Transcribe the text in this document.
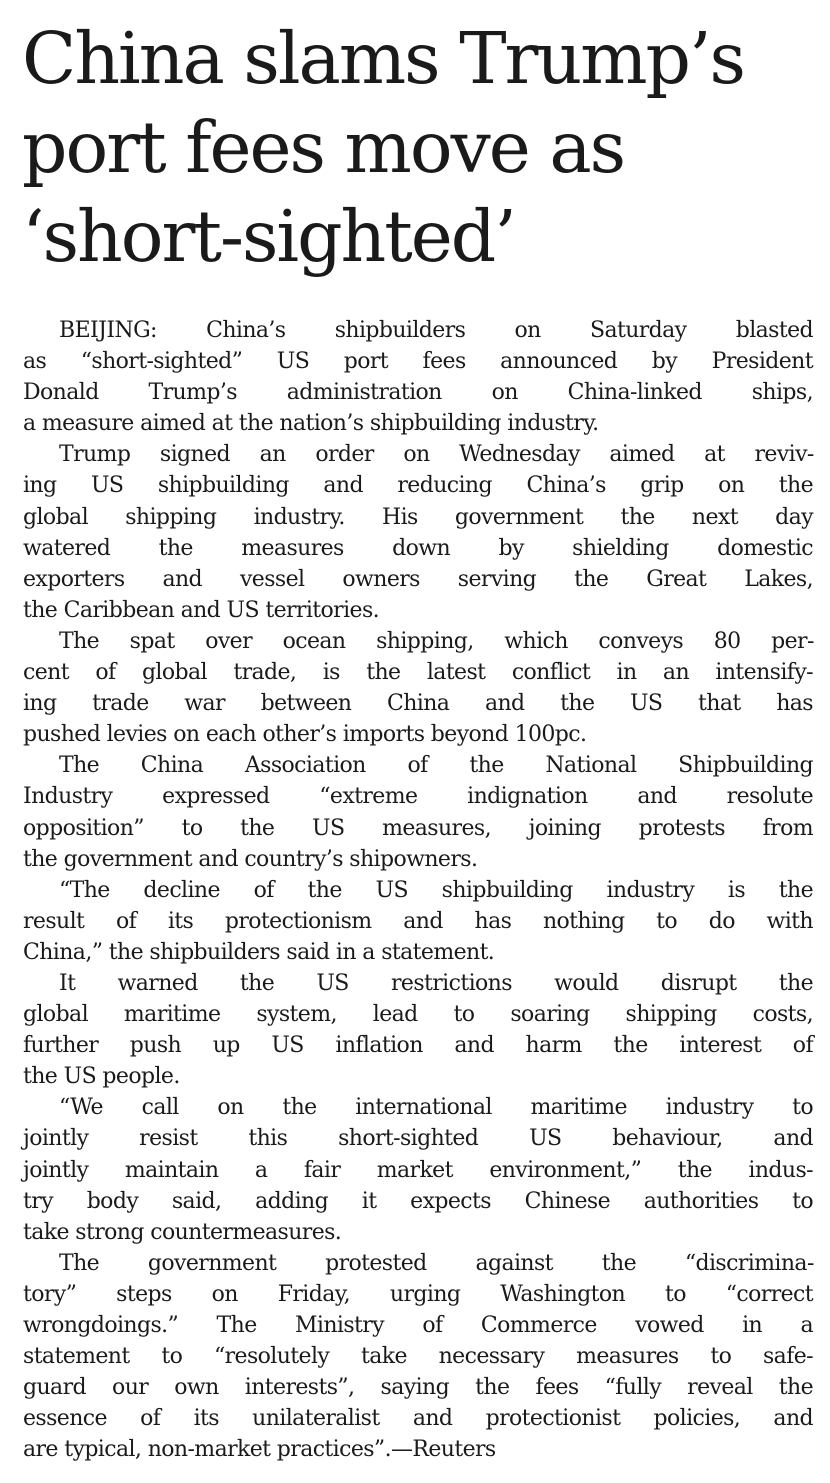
China slams Trump’s
port fees move as
‘short-sighted’
BEIJING: China’s shipbuilders on Saturday blasted
as “short-sighted” US port fees announced by President
Donald Trump’s administration on China-linked ships,
a measure aimed at the nation’s shipbuilding industry.
Trump signed an order on Wednesday aimed at reviv-
ing US shipbuilding and reducing China’s grip on the
global shipping industry. His government the next day
watered the measures down by shielding domestic
exporters and vessel owners serving the Great Lakes,
the Caribbean and US territories.
The spat over ocean shipping, which conveys 80 per-
cent of global trade, is the latest conflict in an intensify-
ing trade war between China and the US that has
pushed levies on each other’s imports beyond 100pc.
The China Association of the National Shipbuilding
Industry expressed “extreme indignation and resolute
opposition” to the US measures, joining protests from
the government and country’s shipowners.
“The decline of the US shipbuilding industry is the
result of its protectionism and has nothing to do with
China,” the shipbuilders said in a statement.
It warned the US restrictions would disrupt the
global maritime system, lead to soaring shipping costs,
further push up US inflation and harm the interest of
the US people.
“We call on the international maritime industry to
jointly resist this short-sighted US behaviour, and
jointly maintain a fair market environment,” the indus-
try body said, adding it expects Chinese authorities to
take strong countermeasures.
The government protested against the “discrimina-
tory” steps on Friday, urging Washington to “correct
wrongdoings.” The Ministry of Commerce vowed in a
statement to “resolutely take necessary measures to safe-
guard our own interests”, saying the fees “fully reveal the
essence of its unilateralist and protectionist policies, and
are typical, non-market practices”.—Reuters
